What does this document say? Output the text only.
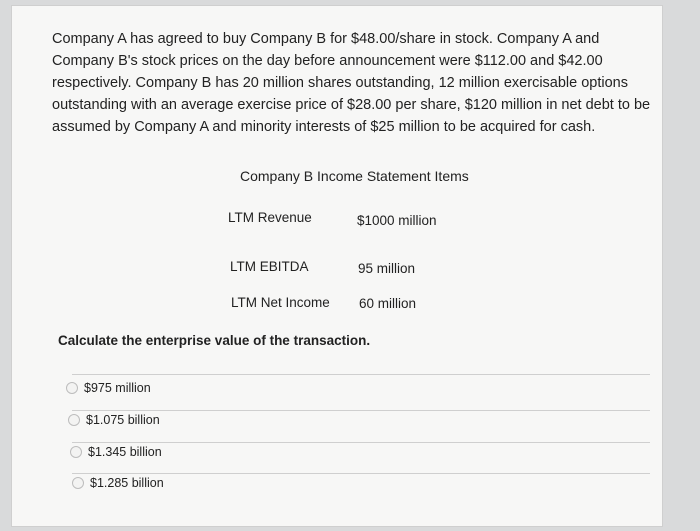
Company A has agreed to buy Company B for $48.00/share in stock. Company A and Company B's stock prices on the day before announcement were $112.00 and $42.00 respectively. Company B has 20 million shares outstanding, 12 million exercisable options outstanding with an average exercise price of $28.00 per share, $120 million in net debt to be assumed by Company A and minority interests of $25 million to be acquired for cash.
Company B Income Statement Items
LTM Revenue	$1000 million
LTM EBITDA	95 million
LTM Net Income 60 million
Calculate the enterprise value of the transaction.
$975 million
$1.075 billion
$1.345 billion
$1.285 billion
